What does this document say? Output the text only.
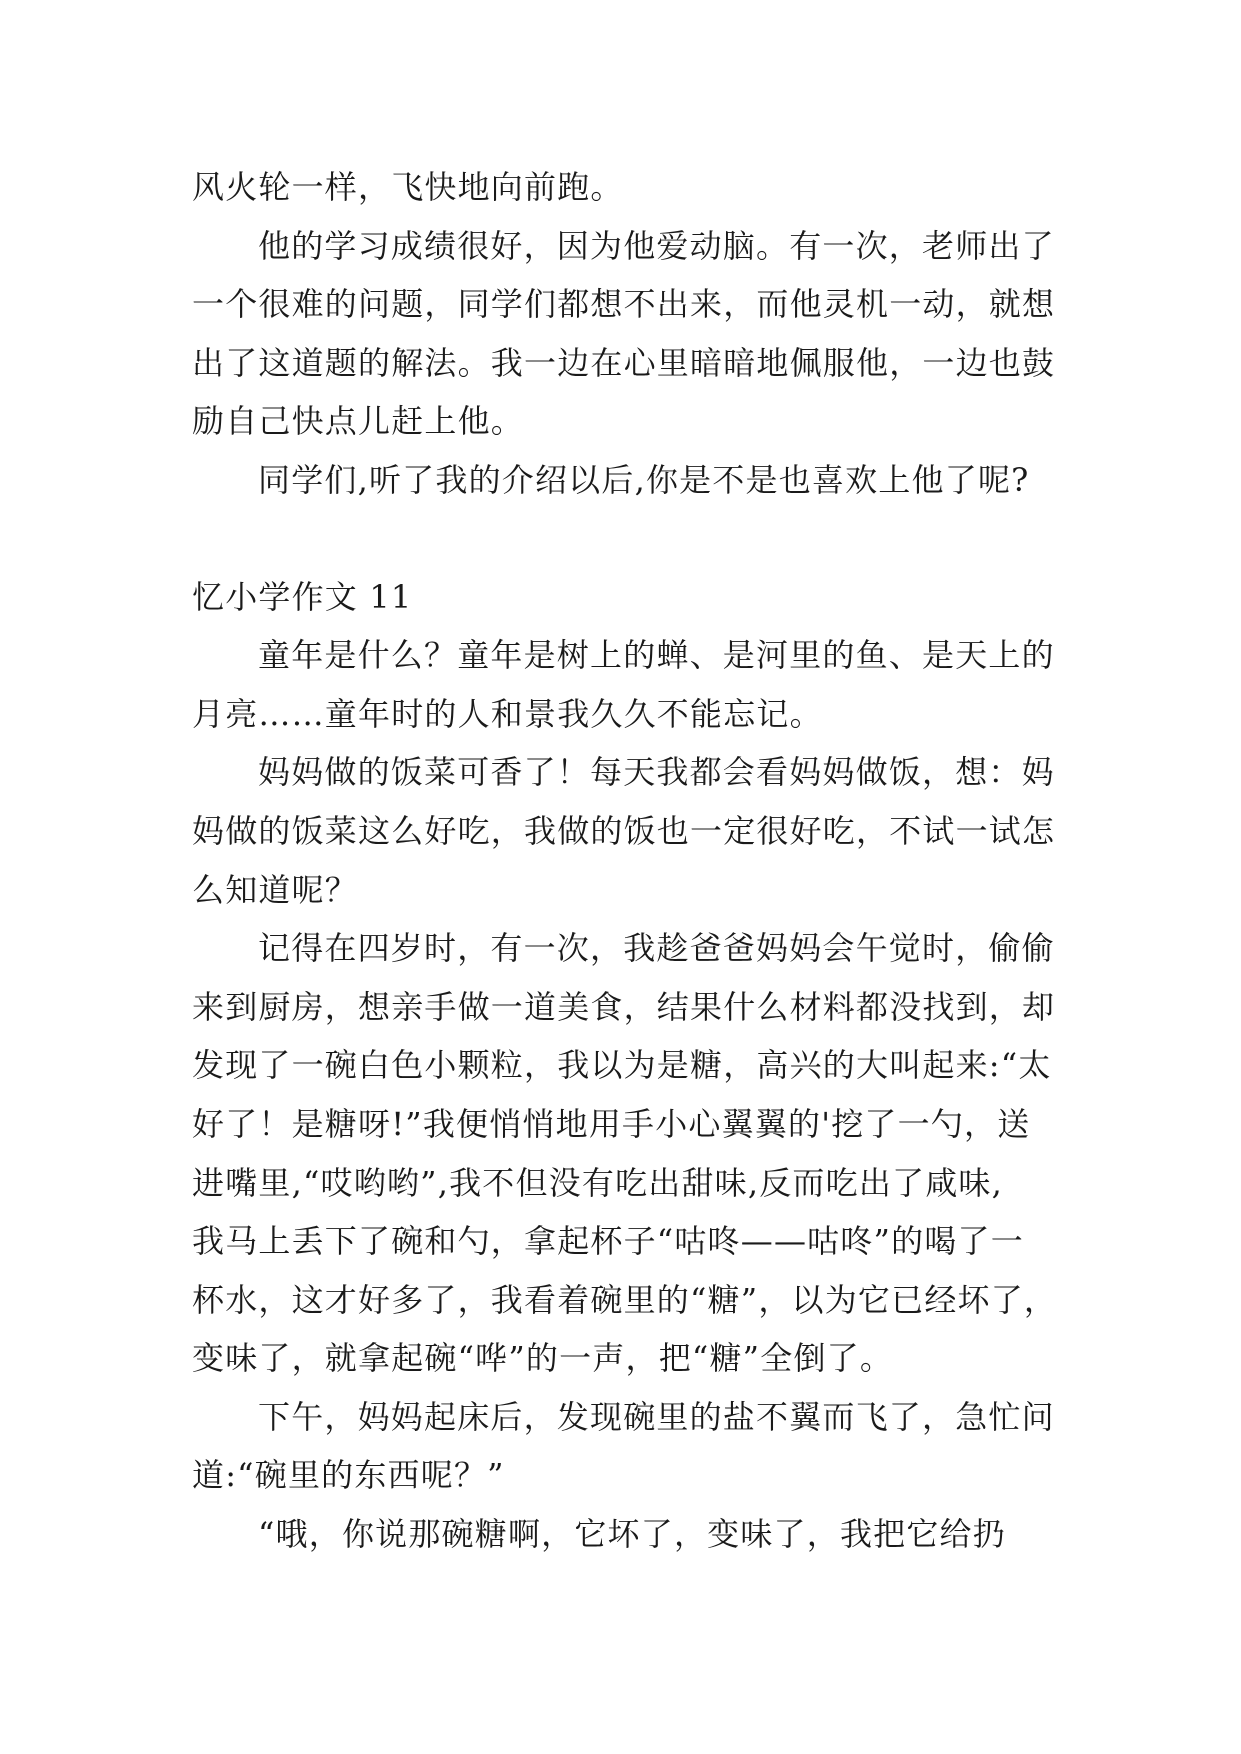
风火轮一样，飞快地向前跑。
他的学习成绩很好，因为他爱动脑。有一次，老师出了
一个很难的问题，同学们都想不出来，而他灵机一动，就想
出了这道题的解法。我一边在心里暗暗地佩服他，一边也鼓
励自己快点儿赶上他。
同学们,听了我的介绍以后,你是不是也喜欢上他了呢?
忆小学作文 11
童年是什么？童年是树上的蝉、是河里的鱼、是天上的
月亮……童年时的人和景我久久不能忘记。
妈妈做的饭菜可香了！每天我都会看妈妈做饭，想：妈
妈做的饭菜这么好吃，我做的饭也一定很好吃，不试一试怎
么知道呢？
记得在四岁时，有一次，我趁爸爸妈妈会午觉时，偷偷
来到厨房，想亲手做一道美食，结果什么材料都没找到，却
发现了一碗白色小颗粒，我以为是糖，高兴的大叫起来:“太
好了！是糖呀!”我便悄悄地用手小心翼翼的'挖了一勺，送
进嘴里,“哎哟哟”,我不但没有吃出甜味,反而吃出了咸味,
我马上丢下了碗和勺，拿起杯子“咕咚——咕咚”的喝了一
杯水，这才好多了，我看着碗里的“糖”，以为它已经坏了，
变味了，就拿起碗“哗”的一声，把“糖”全倒了。
下午，妈妈起床后，发现碗里的盐不翼而飞了，急忙问
道:“碗里的东西呢？”
“哦，你说那碗糖啊，它坏了，变味了，我把它给扔
